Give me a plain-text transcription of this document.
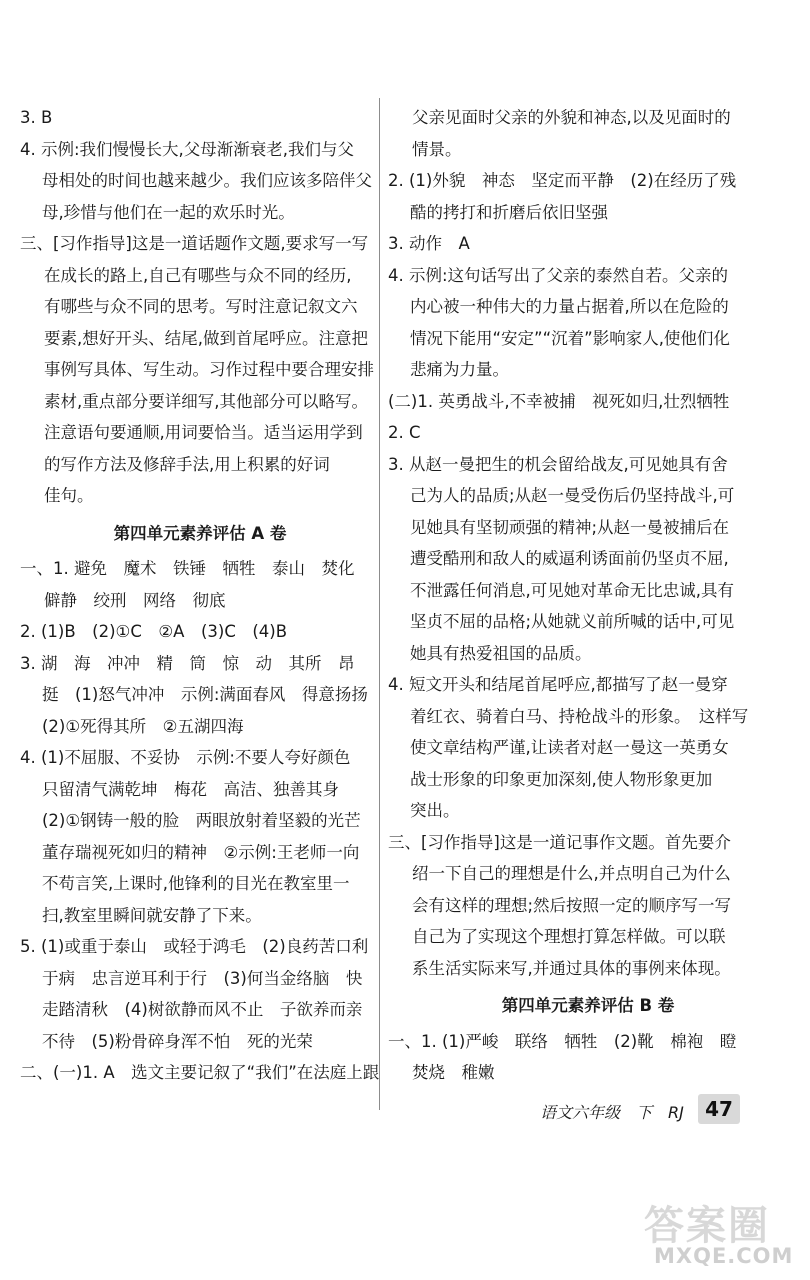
3. B
4. 示例:我们慢慢长大,父母渐渐衰老,我们与父
母相处的时间也越来越少。我们应该多陪伴父
母,珍惜与他们在一起的欢乐时光。
三、[习作指导]这是一道话题作文题,要求写一写
在成长的路上,自己有哪些与众不同的经历,
有哪些与众不同的思考。写时注意记叙文六
要素,想好开头、结尾,做到首尾呼应。注意把
事例写具体、写生动。习作过程中要合理安排
素材,重点部分要详细写,其他部分可以略写。
注意语句要通顺,用词要恰当。适当运用学到
的写作方法及修辞手法,用上积累的好词
佳句。
第四单元素养评估 A 卷
一、1. 避免　魔术　铁锤　牺牲　泰山　焚化
僻静　绞刑　网络　彻底
2. (1)B　(2)①C　②A　(3)C　(4)B
3. 湖　海　冲冲　精　筒　惊　动　其所　昂
挺　(1)怒气冲冲　示例:满面春风　得意扬扬
(2)①死得其所　②五湖四海
4. (1)不屈服、不妥协　示例:不要人夸好颜色
只留清气满乾坤　梅花　高洁、独善其身
(2)①钢铸一般的脸　两眼放射着坚毅的光芒
董存瑞视死如归的精神　②示例:王老师一向
不苟言笑,上课时,他锋利的目光在教室里一
扫,教室里瞬间就安静了下来。
5. (1)或重于泰山　或轻于鸿毛　(2)良药苦口利
于病　忠言逆耳利于行　(3)何当金络脑　快
走踏清秋　(4)树欲静而风不止　子欲养而亲
不待　(5)粉骨碎身浑不怕　死的光荣
二、(一)1. A　选文主要记叙了“我们”在法庭上跟
父亲见面时父亲的外貌和神态,以及见面时的
情景。
2. (1)外貌　神态　坚定而平静　(2)在经历了残
酷的拷打和折磨后依旧坚强
3. 动作　A
4. 示例:这句话写出了父亲的泰然自若。父亲的
内心被一种伟大的力量占据着,所以在危险的
情况下能用“安定”“沉着”影响家人,使他们化
悲痛为力量。
(二)1. 英勇战斗,不幸被捕　视死如归,壮烈牺牲
2. C
3. 从赵一曼把生的机会留给战友,可见她具有舍
己为人的品质;从赵一曼受伤后仍坚持战斗,可
见她具有坚韧顽强的精神;从赵一曼被捕后在
遭受酷刑和敌人的威逼利诱面前仍坚贞不屈,
不泄露任何消息,可见她对革命无比忠诚,具有
坚贞不屈的品格;从她就义前所喊的话中,可见
她具有热爱祖国的品质。
4. 短文开头和结尾首尾呼应,都描写了赵一曼穿
着红衣、骑着白马、持枪战斗的形象。　这样写
使文章结构严谨,让读者对赵一曼这一英勇女
战士形象的印象更加深刻,使人物形象更加
突出。
三、[习作指导]这是一道记事作文题。首先要介
绍一下自己的理想是什么,并点明自己为什么
会有这样的理想;然后按照一定的顺序写一写
自己为了实现这个理想打算怎样做。可以联
系生活实际来写,并通过具体的事例来体现。
第四单元素养评估 B 卷
一、1. (1)严峻　联络　牺牲　(2)靴　棉袍　瞪
焚烧　稚嫩
语文六年级　下　RJ	47
答案圈
MXQE.COM
